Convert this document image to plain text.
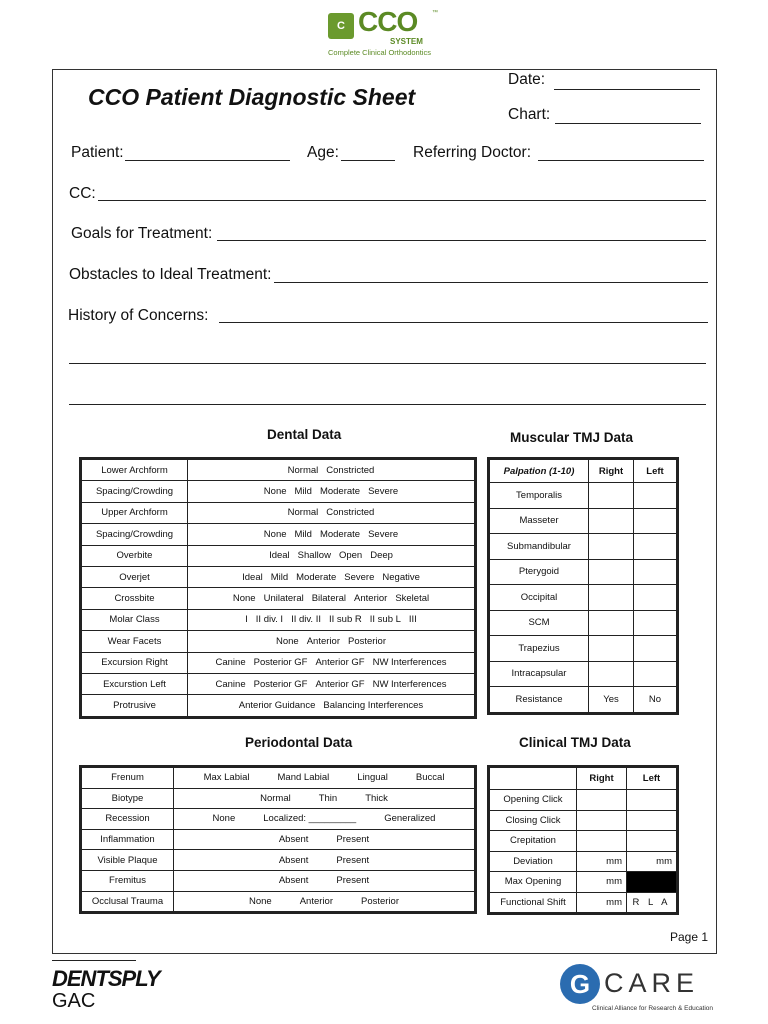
C CCO ™
SYSTEM
Complete Clinical Orthodontics
CCO Patient Diagnostic Sheet
Date:
Chart:
Patient:	Age:	Referring Doctor:
CC:
Goals for Treatment:
Obstacles to Ideal Treatment:
History of Concerns:
Dental Data	Muscular TMJ Data
Periodontal Data	Clinical TMJ Data
Lower Archform	Normal Constricted
Spacing/Crowding	None Mild Moderate Severe
Upper Archform	Normal Constricted
Spacing/Crowding	None Mild Moderate Severe
Overbite	Ideal Shallow Open Deep
Overjet	Ideal Mild Moderate Severe Negative
Crossbite	None Unilateral Bilateral Anterior Skeletal
Molar Class	I II div. I II div. II II sub R II sub L III
Wear Facets	None Anterior Posterior
Excursion Right	Canine Posterior GF Anterior GF NW Interferences
Excurstion Left	Canine Posterior GF Anterior GF NW Interferences
Protrusive	Anterior Guidance Balancing Interferences
Palpation (1-10)	Right	Left
Temporalis		
Masseter		
Submandibular		
Pterygoid		
Occipital		
SCM		
Trapezius		
Intracapsular		
Resistance	Yes	No
Frenum	Max Labial Mand Labial Lingual Buccal
Biotype	Normal Thin Thick
Recession	None Localized: _________ Generalized
Inflammation	Absent Present
Visible Plaque	Absent Present
Fremitus	Absent Present
Occlusal Trauma	None Anterior Posterior
	Right	Left
Opening Click		
Closing Click		
Crepitation		
Deviation	mm	mm
Max Opening	mm	
Functional Shift	mm	R L A
Page 1
DENTSPLY
GAC
G CARE
Clinical Alliance for Research & Education
